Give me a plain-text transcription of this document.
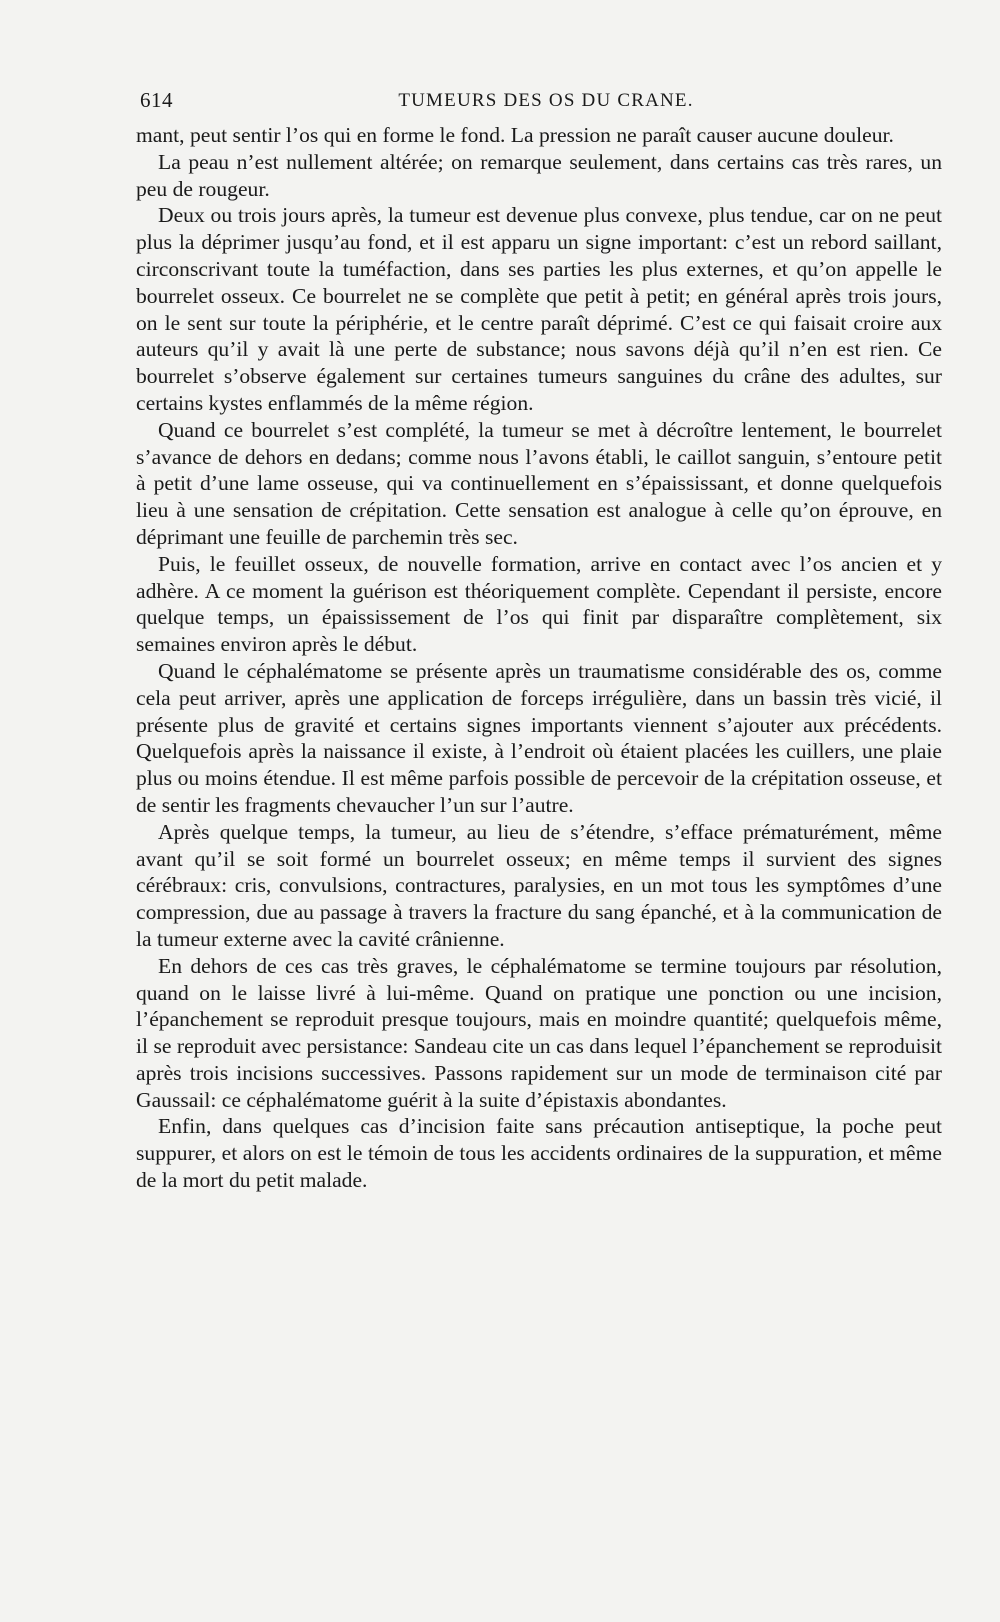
614	TUMEURS DES OS DU CRANE.

mant, peut sentir l’os qui en forme le fond. La pression ne paraît causer aucune douleur.

La peau n’est nullement altérée; on remarque seulement, dans certains cas très rares, un peu de rougeur.

Deux ou trois jours après, la tumeur est devenue plus convexe, plus tendue, car on ne peut plus la déprimer jusqu’au fond, et il est apparu un signe important: c’est un rebord saillant, circonscrivant toute la tuméfaction, dans ses parties les plus externes, et qu’on appelle le bourrelet osseux. Ce bourrelet ne se complète que petit à petit; en général après trois jours, on le sent sur toute la périphérie, et le centre paraît déprimé. C’est ce qui faisait croire aux auteurs qu’il y avait là une perte de substance; nous savons déjà qu’il n’en est rien. Ce bourrelet s’observe également sur certaines tumeurs sanguines du crâne des adultes, sur certains kystes enflammés de la même région.

Quand ce bourrelet s’est complété, la tumeur se met à décroître lentement, le bourrelet s’avance de dehors en dedans; comme nous l’avons établi, le caillot sanguin, s’entoure petit à petit d’une lame osseuse, qui va continuellement en s’épaississant, et donne quelquefois lieu à une sensation de crépitation. Cette sensation est analogue à celle qu’on éprouve, en déprimant une feuille de parchemin très sec.

Puis, le feuillet osseux, de nouvelle formation, arrive en contact avec l’os ancien et y adhère. A ce moment la guérison est théoriquement complète. Cependant il persiste, encore quelque temps, un épaississement de l’os qui finit par disparaître complètement, six semaines environ après le début.

Quand le céphalématome se présente après un traumatisme considérable des os, comme cela peut arriver, après une application de forceps irrégulière, dans un bassin très vicié, il présente plus de gravité et certains signes importants viennent s’ajouter aux précédents. Quelquefois après la naissance il existe, à l’endroit où étaient placées les cuillers, une plaie plus ou moins étendue. Il est même parfois possible de percevoir de la crépitation osseuse, et de sentir les fragments chevaucher l’un sur l’autre.

Après quelque temps, la tumeur, au lieu de s’étendre, s’efface prématurément, même avant qu’il se soit formé un bourrelet osseux; en même temps il survient des signes cérébraux: cris, convulsions, contractures, paralysies, en un mot tous les symptômes d’une compression, due au passage à travers la fracture du sang épanché, et à la communication de la tumeur externe avec la cavité crânienne.

En dehors de ces cas très graves, le céphalématome se termine toujours par résolution, quand on le laisse livré à lui-même. Quand on pratique une ponction ou une incision, l’épanchement se reproduit presque toujours, mais en moindre quantité; quelquefois même, il se reproduit avec persistance: Sandeau cite un cas dans lequel l’épanchement se reproduisit après trois incisions successives. Passons rapidement sur un mode de terminaison cité par Gaussail: ce céphalématome guérit à la suite d’épistaxis abondantes.

Enfin, dans quelques cas d’incision faite sans précaution antiseptique, la poche peut suppurer, et alors on est le témoin de tous les accidents ordinaires de la suppuration, et même de la mort du petit malade.
